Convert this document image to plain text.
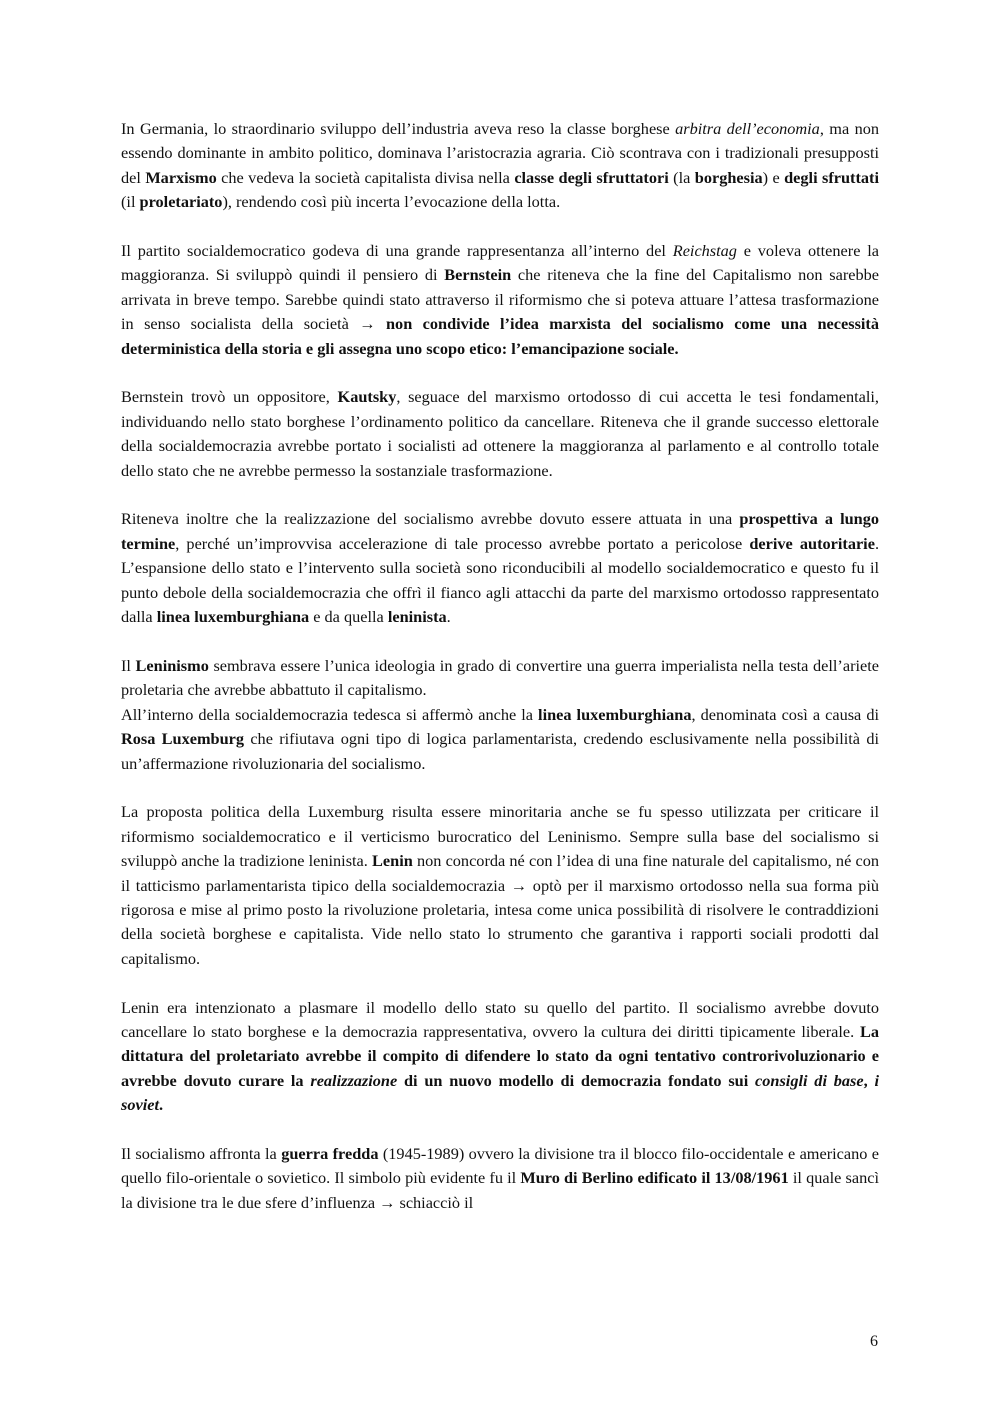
In Germania, lo straordinario sviluppo dell’industria aveva reso la classe borghese arbitra dell’economia, ma non essendo dominante in ambito politico, dominava l’aristocrazia agraria. Ciò scontrava con i tradizionali presupposti del Marxismo che vedeva la società capitalista divisa nella classe degli sfruttatori (la borghesia) e degli sfruttati (il proletariato), rendendo così più incerta l’evocazione della lotta.

Il partito socialdemocratico godeva di una grande rappresentanza all’interno del Reichstag e voleva ottenere la maggioranza. Si sviluppò quindi il pensiero di Bernstein che riteneva che la fine del Capitalismo non sarebbe arrivata in breve tempo. Sarebbe quindi stato attraverso il riformismo che si poteva attuare l’attesa trasformazione in senso socialista della società → non condivide l’idea marxista del socialismo come una necessità deterministica della storia e gli assegna uno scopo etico: l’emancipazione sociale.

Bernstein trovò un oppositore, Kautsky, seguace del marxismo ortodosso di cui accetta le tesi fondamentali, individuando nello stato borghese l’ordinamento politico da cancellare. Riteneva che il grande successo elettorale della socialdemocrazia avrebbe portato i socialisti ad ottenere la maggioranza al parlamento e al controllo totale dello stato che ne avrebbe permesso la sostanziale trasformazione.

Riteneva inoltre che la realizzazione del socialismo avrebbe dovuto essere attuata in una prospettiva a lungo termine, perché un’improvvisa accelerazione di tale processo avrebbe portato a pericolose derive autoritarie. L’espansione dello stato e l’intervento sulla società sono riconducibili al modello socialdemocratico e questo fu il punto debole della socialdemocrazia che offrì il fianco agli attacchi da parte del marxismo ortodosso rappresentato dalla linea luxemburghiana e da quella leninista.

Il Leninismo sembrava essere l’unica ideologia in grado di convertire una guerra imperialista nella testa dell’ariete proletaria che avrebbe abbattuto il capitalismo.

All’interno della socialdemocrazia tedesca si affermò anche la linea luxemburghiana, denominata così a causa di Rosa Luxemburg che rifiutava ogni tipo di logica parlamentarista, credendo esclusivamente nella possibilità di un’affermazione rivoluzionaria del socialismo.

La proposta politica della Luxemburg risulta essere minoritaria anche se fu spesso utilizzata per criticare il riformismo socialdemocratico e il verticismo burocratico del Leninismo. Sempre sulla base del socialismo si sviluppò anche la tradizione leninista. Lenin non concorda né con l’idea di una fine naturale del capitalismo, né con il tatticismo parlamentarista tipico della socialdemocrazia → optò per il marxismo ortodosso nella sua forma più rigorosa e mise al primo posto la rivoluzione proletaria, intesa come unica possibilità di risolvere le contraddizioni della società borghese e capitalista. Vide nello stato lo strumento che garantiva i rapporti sociali prodotti dal capitalismo.

Lenin era intenzionato a plasmare il modello dello stato su quello del partito. Il socialismo avrebbe dovuto cancellare lo stato borghese e la democrazia rappresentativa, ovvero la cultura dei diritti tipicamente liberale. La dittatura del proletariato avrebbe il compito di difendere lo stato da ogni tentativo controrivoluzionario e avrebbe dovuto curare la realizzazione di un nuovo modello di democrazia fondato sui consigli di base, i soviet.

Il socialismo affronta la guerra fredda (1945-1989) ovvero la divisione tra il blocco filo-occidentale e americano e quello filo-orientale o sovietico. Il simbolo più evidente fu il Muro di Berlino edificato il 13/08/1961 il quale sancì la divisione tra le due sfere d’influenza → schiacciò il

6
